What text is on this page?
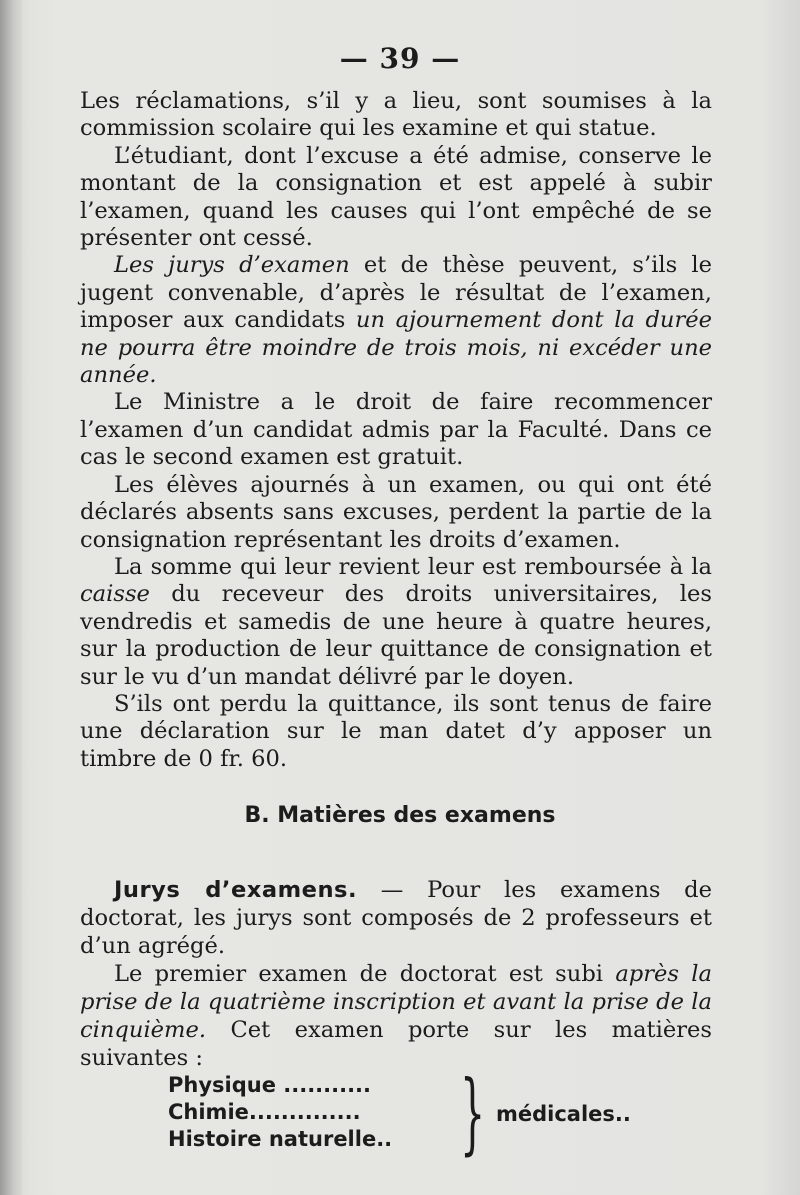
— 39 —

Les réclamations, s’il y a lieu, sont soumises à la commission scolaire qui les examine et qui statue.

L’étudiant, dont l’excuse a été admise, conserve le montant de la consignation et est appelé à subir l’examen, quand les causes qui l’ont empêché de se présenter ont cessé.

Les jurys d’examen et de thèse peuvent, s’ils le jugent convenable, d’après le résultat de l’examen, imposer aux candidats un ajournement dont la durée ne pourra être moindre de trois mois, ni excéder une année.

Le Ministre a le droit de faire recommencer l’examen d’un candidat admis par la Faculté. Dans ce cas le second examen est gratuit.

Les élèves ajournés à un examen, ou qui ont été déclarés absents sans excuses, perdent la partie de la consignation représentant les droits d’examen.

La somme qui leur revient leur est remboursée à la caisse du receveur des droits universitaires, les vendredis et samedis de une heure à quatre heures, sur la production de leur quittance de consignation et sur le vu d’un mandat délivré par le doyen.

S’ils ont perdu la quittance, ils sont tenus de faire une déclaration sur le man datet d’y apposer un timbre de 0 fr. 60.

B. Matières des examens

Jurys d’examens. — Pour les examens de doctorat, les jurys sont composés de 2 professeurs et d’un agrégé.

Le premier examen de doctorat est subi après la prise de la quatrième inscription et avant la prise de la cinquième. Cet examen porte sur les matières suivantes :

Physique ...........
Chimie..............
Histoire naturelle.. } médicales..
